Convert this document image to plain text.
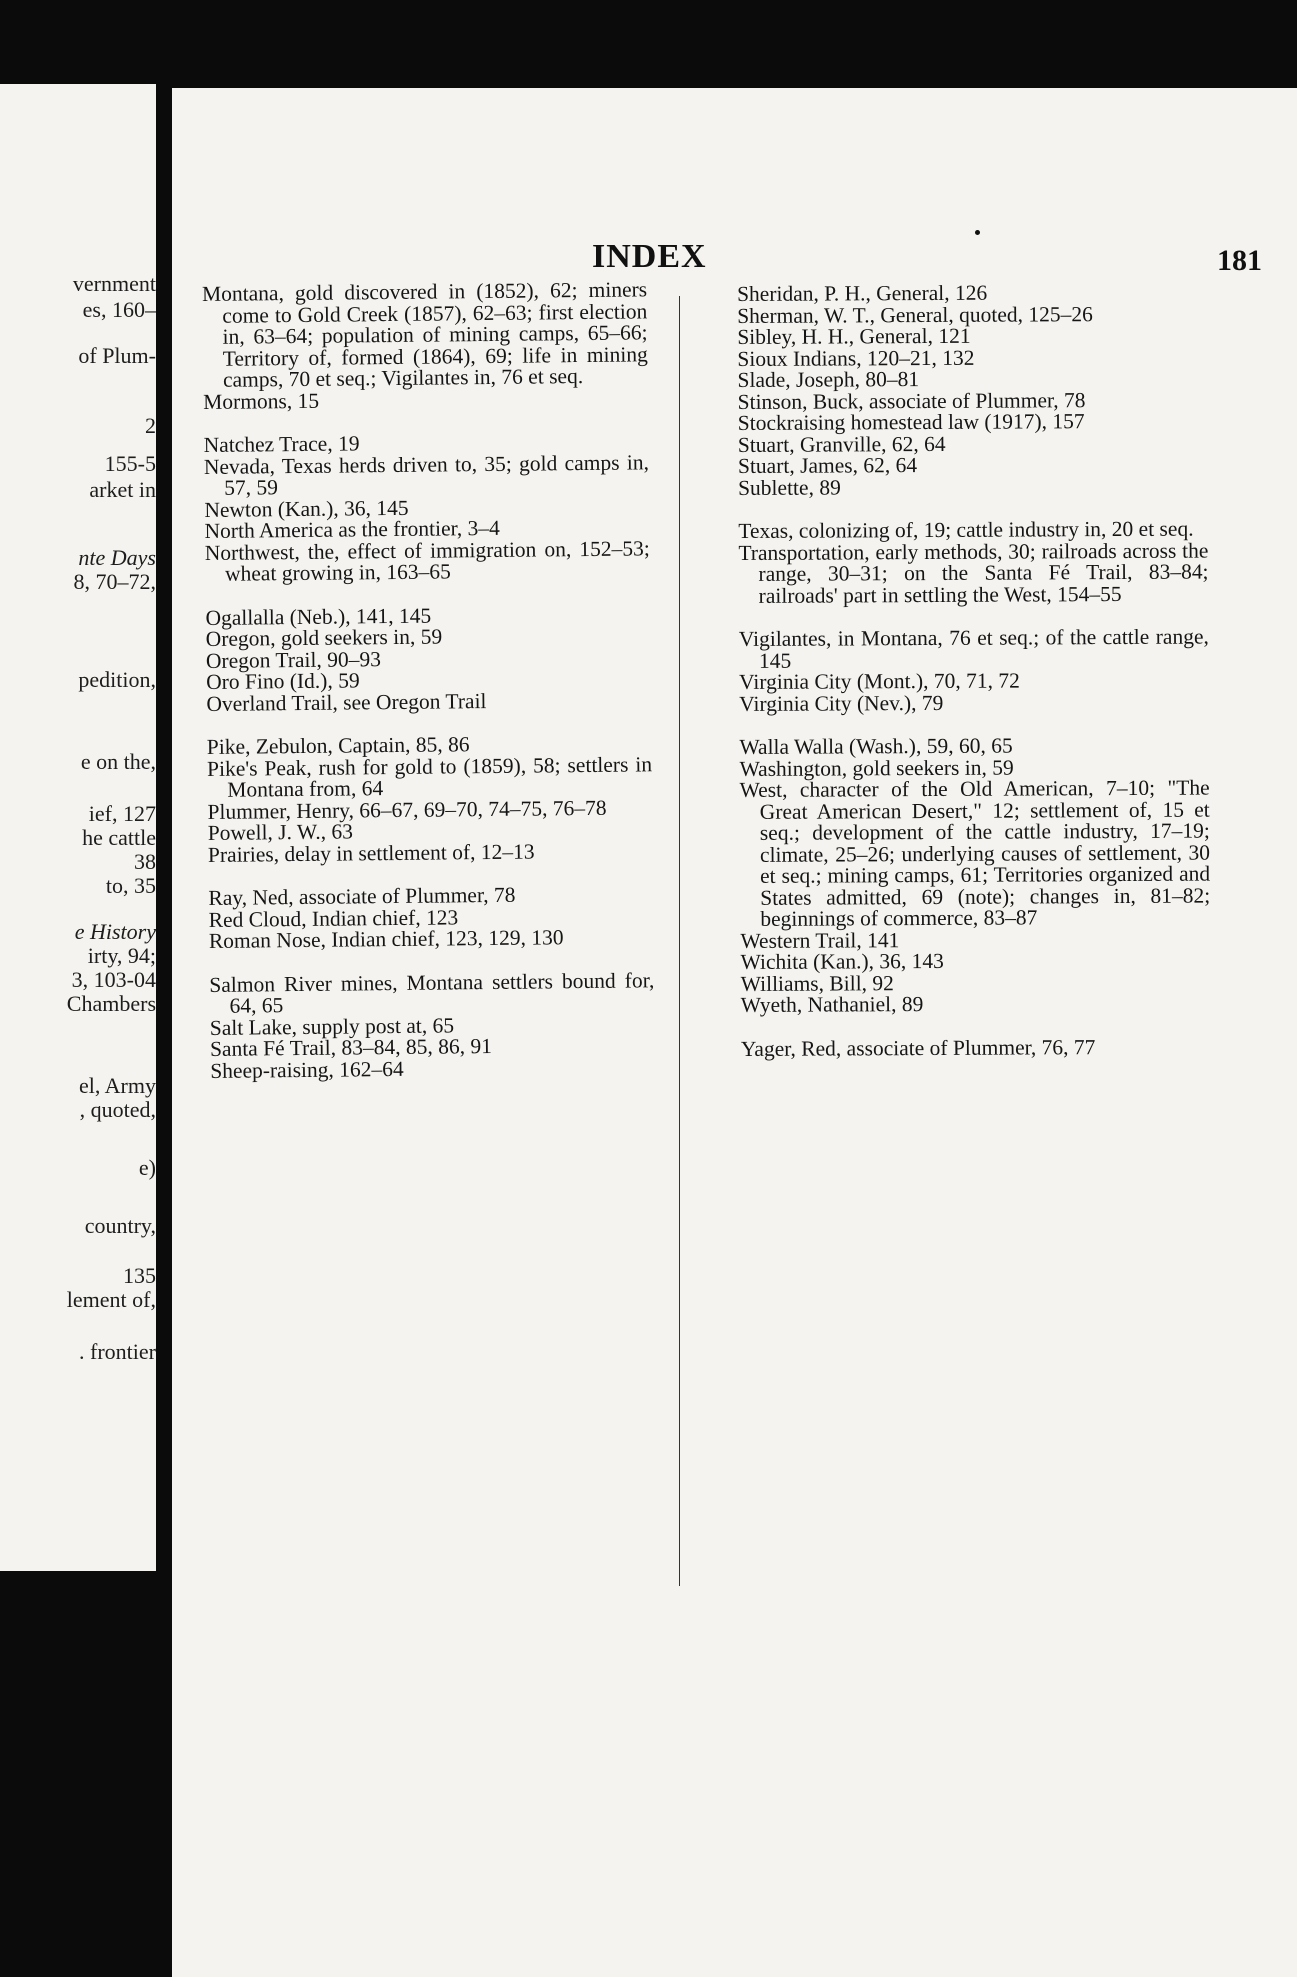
vernment
es, 160–
of Plum-
2
155-5
arket in
nte Days
8, 70–72,
pedition,
e on the,
ief, 127
he cattle
38
to, 35
e History
irty, 94;
3, 103-04
Chambers
el, Army
, quoted,
e)
country,
135
lement of,
. frontier
INDEX	181
Montana, gold discovered in (1852), 62; miners come to Gold Creek (1857), 62–63; first election in, 63–64; population of mining camps, 65–66; Territory of, formed (1864), 69; life in mining camps, 70 et seq.; Vigilantes in, 76 et seq.
Mormons, 15
Natchez Trace, 19
Nevada, Texas herds driven to, 35; gold camps in, 57, 59
Newton (Kan.), 36, 145
North America as the frontier, 3–4
Northwest, the, effect of immigration on, 152–53; wheat growing in, 163–65
Ogallalla (Neb.), 141, 145
Oregon, gold seekers in, 59
Oregon Trail, 90–93
Oro Fino (Id.), 59
Overland Trail, see Oregon Trail
Pike, Zebulon, Captain, 85, 86
Pike's Peak, rush for gold to (1859), 58; settlers in Montana from, 64
Plummer, Henry, 66–67, 69–70, 74–75, 76–78
Powell, J. W., 63
Prairies, delay in settlement of, 12–13
Ray, Ned, associate of Plummer, 78
Red Cloud, Indian chief, 123
Roman Nose, Indian chief, 123, 129, 130
Salmon River mines, Montana settlers bound for, 64, 65
Salt Lake, supply post at, 65
Santa Fé Trail, 83–84, 85, 86, 91
Sheep-raising, 162–64
Sheridan, P. H., General, 126
Sherman, W. T., General, quoted, 125–26
Sibley, H. H., General, 121
Sioux Indians, 120–21, 132
Slade, Joseph, 80–81
Stinson, Buck, associate of Plummer, 78
Stockraising homestead law (1917), 157
Stuart, Granville, 62, 64
Stuart, James, 62, 64
Sublette, 89
Texas, colonizing of, 19; cattle industry in, 20 et seq.
Transportation, early methods, 30; railroads across the range, 30–31; on the Santa Fé Trail, 83–84; railroads' part in settling the West, 154–55
Vigilantes, in Montana, 76 et seq.; of the cattle range, 145
Virginia City (Mont.), 70, 71, 72
Virginia City (Nev.), 79
Walla Walla (Wash.), 59, 60, 65
Washington, gold seekers in, 59
West, character of the Old American, 7–10; "The Great American Desert," 12; settlement of, 15 et seq.; development of the cattle industry, 17–19; climate, 25–26; underlying causes of settlement, 30 et seq.; mining camps, 61; Territories organized and States admitted, 69 (note); changes in, 81–82; beginnings of commerce, 83–87
Western Trail, 141
Wichita (Kan.), 36, 143
Williams, Bill, 92
Wyeth, Nathaniel, 89
Yager, Red, associate of Plummer, 76, 77
